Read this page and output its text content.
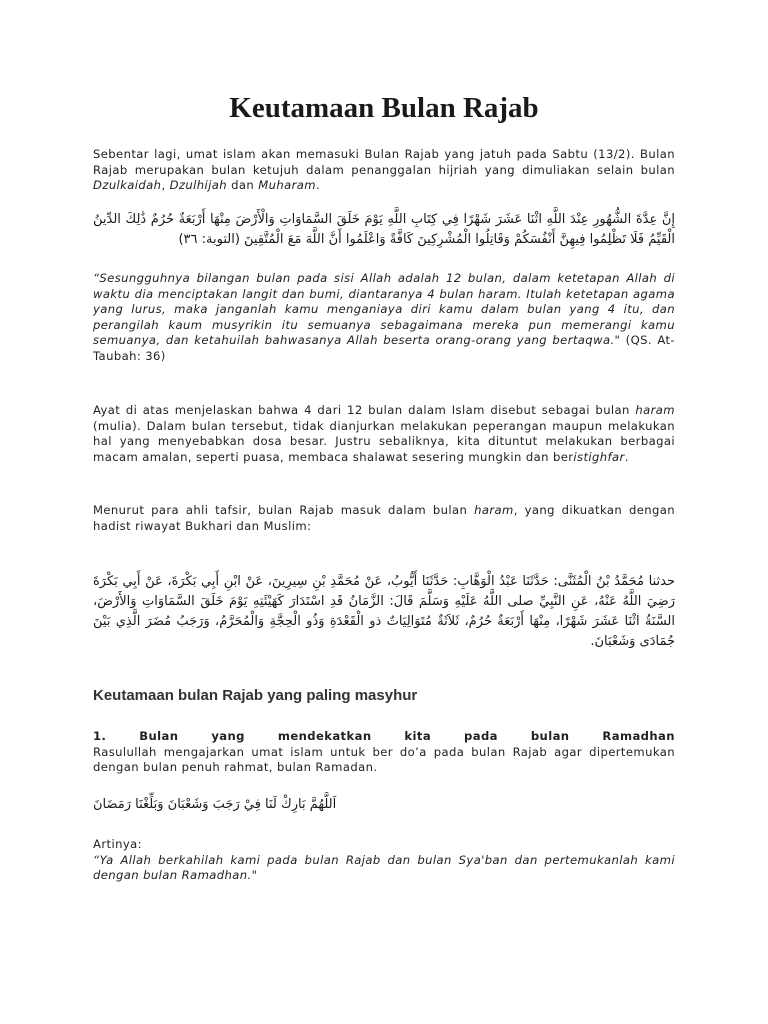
Keutamaan Bulan Rajab

Sebentar lagi, umat islam akan memasuki Bulan Rajab yang jatuh pada Sabtu (13/2). Bulan Rajab merupakan bulan ketujuh dalam penanggalan hijriah yang dimuliakan selain bulan Dzulkaidah, Dzulhijah dan Muharam.

إِنَّ عِدَّةَ الشُّهُورِ عِنْدَ اللَّهِ اثْنَا عَشَرَ شَهْرًا فِي كِتَابِ اللَّهِ يَوْمَ خَلَقَ السَّمَاوَاتِ وَالْأَرْضَ مِنْهَا أَرْبَعَةٌ حُرُمٌ ذَٰلِكَ الدِّينُ الْقَيِّمُ فَلَا تَظْلِمُوا فِيهِنَّ أَنْفُسَكُمْ وَقَاتِلُوا الْمُشْرِكِينَ كَافَّةً وَاعْلَمُوا أَنَّ اللَّهَ مَعَ الْمُتَّقِينَ (التوبة: ٣٦)

“Sesungguhnya bilangan bulan pada sisi Allah adalah 12 bulan, dalam ketetapan Allah di waktu dia menciptakan langit dan bumi, diantaranya 4 bulan haram. Itulah ketetapan agama yang lurus, maka janganlah kamu menganiaya diri kamu dalam bulan yang 4 itu, dan perangilah kaum musyrikin itu semuanya sebagaimana mereka pun memerangi kamu semuanya, dan ketahuilah bahwasanya Allah beserta orang-orang yang bertaqwa." (QS. At-Taubah: 36)

Ayat di atas menjelaskan bahwa 4 dari 12 bulan dalam Islam disebut sebagai bulan haram (mulia). Dalam bulan tersebut, tidak dianjurkan melakukan peperangan maupun melakukan hal yang menyebabkan dosa besar. Justru sebaliknya, kita dituntut melakukan berbagai macam amalan, seperti puasa, membaca shalawat sesering mungkin dan beristighfar.

Menurut para ahli tafsir, bulan Rajab masuk dalam bulan haram, yang dikuatkan dengan hadist riwayat Bukhari dan Muslim:

حدثنا مُحَمَّدُ بْنُ الْمُثَنَّى: حَدَّثَنَا عَبْدُ الْوَهَّابِ: حَدَّثَنَا أَيُّوبُ، عَنْ مُحَمَّدِ بْنِ سِيرِينَ، عَنْ ابْنِ أَبِي بَكْرَةَ، عَنْ أَبِي بَكْرَةَ رَضِيَ اللَّهُ عَنْهُ، عَنِ النَّبِيِّ صلى اللَّهُ عَلَيْهِ وَسَلَّمَ قَالَ: الزَّمَانُ قَدِ اسْتَدَارَ كَهَيْئَتِهِ يَوْمَ خَلَقَ السَّمَاوَاتِ وَالأَرْضَ، السَّنَةُ اثْنَا عَشَرَ شَهْرًا، مِنْهَا أَرْبَعَةٌ حُرُمٌ، ثَلاَثَةٌ مُتَوَالِيَاتٌ ذو الْقَعْدَةِ وَذُو الْحِجَّةِ وَالْمُحَرَّمُ، وَرَجَبُ مُضَرَ الَّذِي بَيْنَ جُمَادَى وَشَعْبَانَ.

Keutamaan bulan Rajab yang paling masyhur

1.	Bulan	yang	mendekatkan	kita	pada	bulan	Ramadhan

Rasulullah mengajarkan umat islam untuk ber do’a pada bulan Rajab agar dipertemukan dengan bulan penuh rahmat, bulan Ramadan.

اَللَّهُمَّ بَارِكْ لَنَا فِيْ رَجَبَ وَشَعْبَانَ وَبَلِّغْنَا رَمَضَانَ

Artinya:

“Ya Allah berkahilah kami pada bulan Rajab dan bulan Sya'ban dan pertemukanlah kami dengan bulan Ramadhan."
